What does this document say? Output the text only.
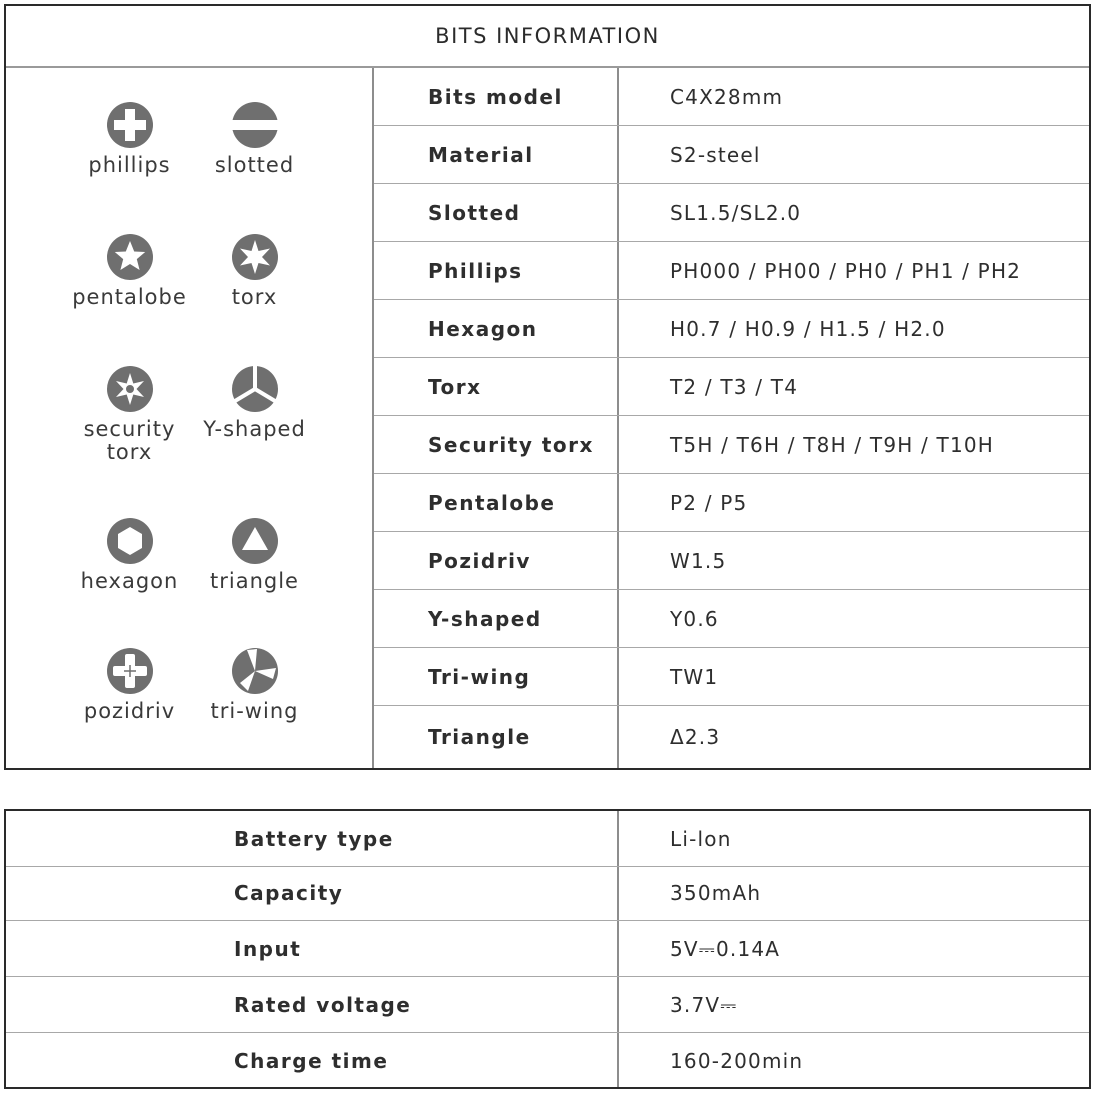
BITS INFORMATION
phillips	slotted
pentalobe	torx
security torx
Y-shaped
hexagon	triangle
pozidriv	tri-wing
Bits model	C4X28mm
Material	S2-steel
Slotted	SL1.5/SL2.0
Phillips	PH000 / PH00 / PH0 / PH1 / PH2
Hexagon	H0.7 / H0.9 / H1.5 / H2.0
Torx	T2 / T3 / T4
Security torx	T5H / T6H / T8H / T9H / T10H
Pentalobe	P2 / P5
Pozidriv	W1.5
Y-shaped	Y0.6
Tri-wing	TW1
Triangle	Δ2.3
Battery type	Li-lon
Capacity	350mAh
Input	5V⎓0.14A
Rated voltage	3.7V⎓
Charge time	160-200min
